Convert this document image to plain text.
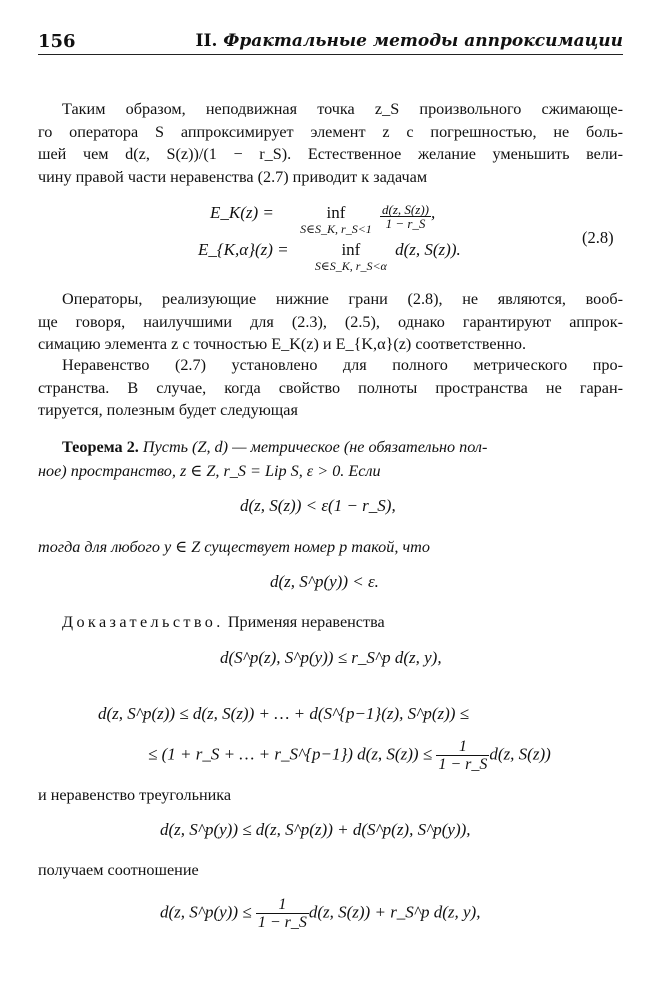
156	II. Фрактальные методы аппроксимации
Таким образом, неподвижная точка z_S произвольного сжимающе-
го оператора S аппроксимирует элемент z с погрешностью, не боль-
шей чем d(z, S(z))/(1 − r_S). Естественное желание уменьшить вели-
чину правой части неравенства (2.7) приводит к задачам
E_K(z) =	inf
S∈S_K, r_S<1
$\frac{d(z, S(z))}{1 - r\_S}$ ,
E_{K,α}(z) =	inf
S∈S_K, r_S<α
d(z, S(z)).
(2.8)
Операторы, реализующие нижние грани (2.8), не являются, вооб-
ще говоря, наилучшими для (2.3), (2.5), однако гарантируют аппрок-
симацию элемента z с точностью E_K(z) и E_{K,α}(z) соответственно.
Неравенство (2.7) установлено для полного метрического про-
странства. В случае, когда свойство полноты пространства не гаран-
тируется, полезным будет следующая
Теорема 2. Пусть (Z, d) — метрическое (не обязательно пол-
ное) пространство, z ∈ Z, r_S = Lip S, ε > 0. Если
d(z, S(z)) < ε(1 − r_S),
тогда для любого y ∈ Z существует номер p такой, что
d(z, S^p(y)) < ε.
Доказательство. Применяя неравенства
d(S^p(z), S^p(y)) ≤ r_S^p d(z, y),
d(z, S^p(z)) ≤ d(z, S(z)) + … + d(S^{p−1}(z), S^p(z)) ≤
≤ (1 + r_S + … + r_S^{p−1}) d(z, $S(z)) \le \frac{1}{1 - r\_S} d(z$, S(z))
и неравенство треугольника
d(z, S^p(y)) ≤ d(z, S^p(z)) + d(S^p(z), S^p(y)),
получаем соотношение
d(z, S^p(y)) ≤ $\frac{1}{1 - r\_S} d(z$, S(z)) + r_S^p d(z, y),
